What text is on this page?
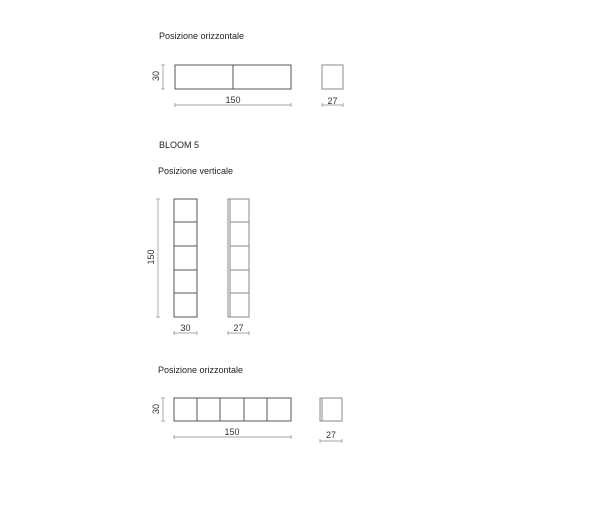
Posizione orizzontale
30
150	27
BLOOM 5
Posizione verticale
150
30	27
Posizione orizzontale
30
150	27
